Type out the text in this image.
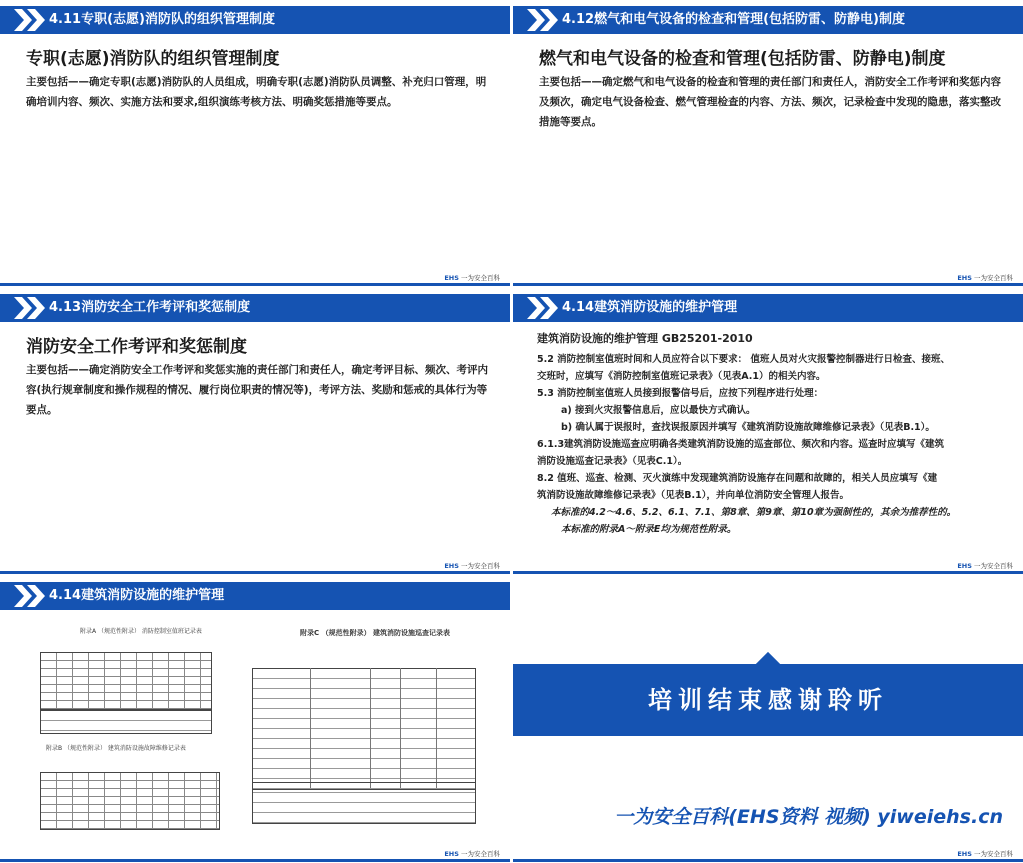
4.11专职(志愿)消防队的组织管理制度
专职(志愿)消防队的组织管理制度
主要包括——确定专职(志愿)消防队的人员组成，明确专职(志愿)消防队员调整、补充归口管理，明确培训内容、频次、实施方法和要求,组织演练考核方法、明确奖惩措施等要点。
EHS 一为安全百科
4.12燃气和电气设备的检查和管理(包括防雷、防静电)制度
燃气和电气设备的检查和管理(包括防雷、防静电)制度
主要包括——确定燃气和电气设备的检查和管理的责任部门和责任人，消防安全工作考评和奖惩内容及频次，确定电气设备检查、燃气管理检查的内容、方法、频次，记录检查中发现的隐患，落实整改措施等要点。
EHS 一为安全百科
4.13消防安全工作考评和奖惩制度
消防安全工作考评和奖惩制度
主要包括——确定消防安全工作考评和奖惩实施的责任部门和责任人，确定考评目标、频次、考评内容(执行规章制度和操作规程的情况、履行岗位职责的情况等)，考评方法、奖励和惩戒的具体行为等要点。
EHS 一为安全百科
4.14建筑消防设施的维护管理
建筑消防设施的维护管理 GB25201-2010
5.2 消防控制室值班时间和人员应符合以下要求： 值班人员对火灾报警控制器进行日检查、接班、
交班时，应填写《消防控制室值班记录表》（见表A.1）的相关内容。
5.3 消防控制室值班人员接到报警信号后，应按下列程序进行处理：
a) 接到火灾报警信息后，应以最快方式确认。
b) 确认属于误报时，查找误报原因并填写《建筑消防设施故障维修记录表》（见表B.1）。
6.1.3建筑消防设施巡查应明确各类建筑消防设施的巡查部位、频次和内容。巡查时应填写《建筑
消防设施巡查记录表》（见表C.1）。
8.2 值班、巡查、检测、灭火演练中发现建筑消防设施存在问题和故障的，相关人员应填写《建
筑消防设施故障维修记录表》（见表B.1），并向单位消防安全管理人报告。
本标准的4.2～4.6、5.2、6.1、7.1、第8章、第9章、第10章为强制性的，其余为推荐性的。
本标准的附录A～附录E均为规范性附录。
EHS 一为安全百科
4.14建筑消防设施的维护管理
附录A （规范性附录） 消防控制室值班记录表
附录B （规范性附录） 建筑消防设施故障维修记录表
附录C （规范性附录） 建筑消防设施巡查记录表
EHS 一为安全百科
培训结束感谢聆听
一为安全百科(EHS资料 视频) yiweiehs.cn
EHS 一为安全百科
